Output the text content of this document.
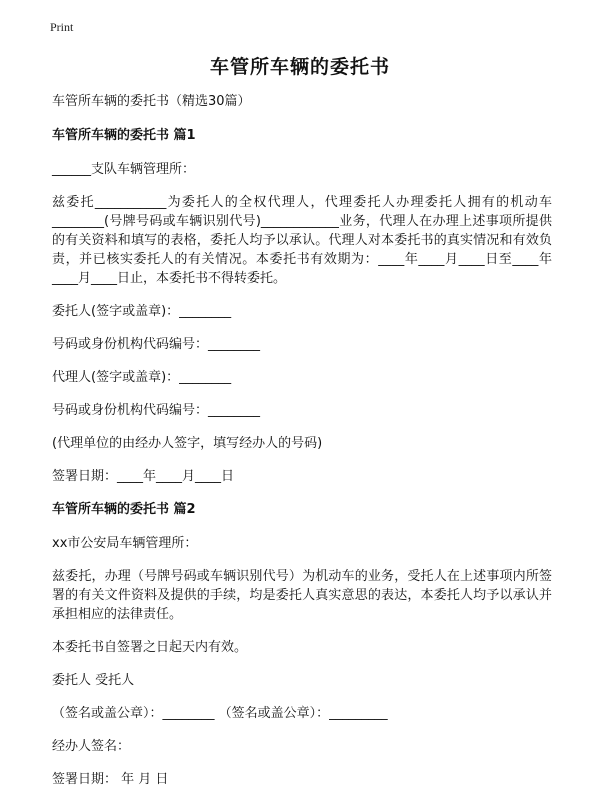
Print
车管所车辆的委托书

车管所车辆的委托书（精选30篇）

车管所车辆的委托书 篇1

______支队车辆管理所：

兹委托___________为委托人的全权代理人，代理委托人办理委托人拥有的机动车________(号牌号码或车辆识别代号)____________业务，代理人在办理上述事项所提供的有关资料和填写的表格，委托人均予以承认。代理人对本委托书的真实情况和有效负责，并已核实委托人的有关情况。本委托书有效期为：____年____月____日至____年____月____日止，本委托书不得转委托。

委托人(签字或盖章)：________

号码或身份机构代码编号：________

代理人(签字或盖章)：________

号码或身份机构代码编号：________

(代理单位的由经办人签字，填写经办人的号码)

签署日期：____年____月____日

车管所车辆的委托书 篇2

xx市公安局车辆管理所：

兹委托，办理（号牌号码或车辆识别代号）为机动车的业务，受托人在上述事项内所签署的有关文件资料及提供的手续，均是委托人真实意思的表达，本委托人均予以承认并承担相应的法律责任。

本委托书自签署之日起天内有效。

委托人 受托人

（签名或盖公章）：________ （签名或盖公章）：_________

经办人签名：

签署日期： 年 月 日
